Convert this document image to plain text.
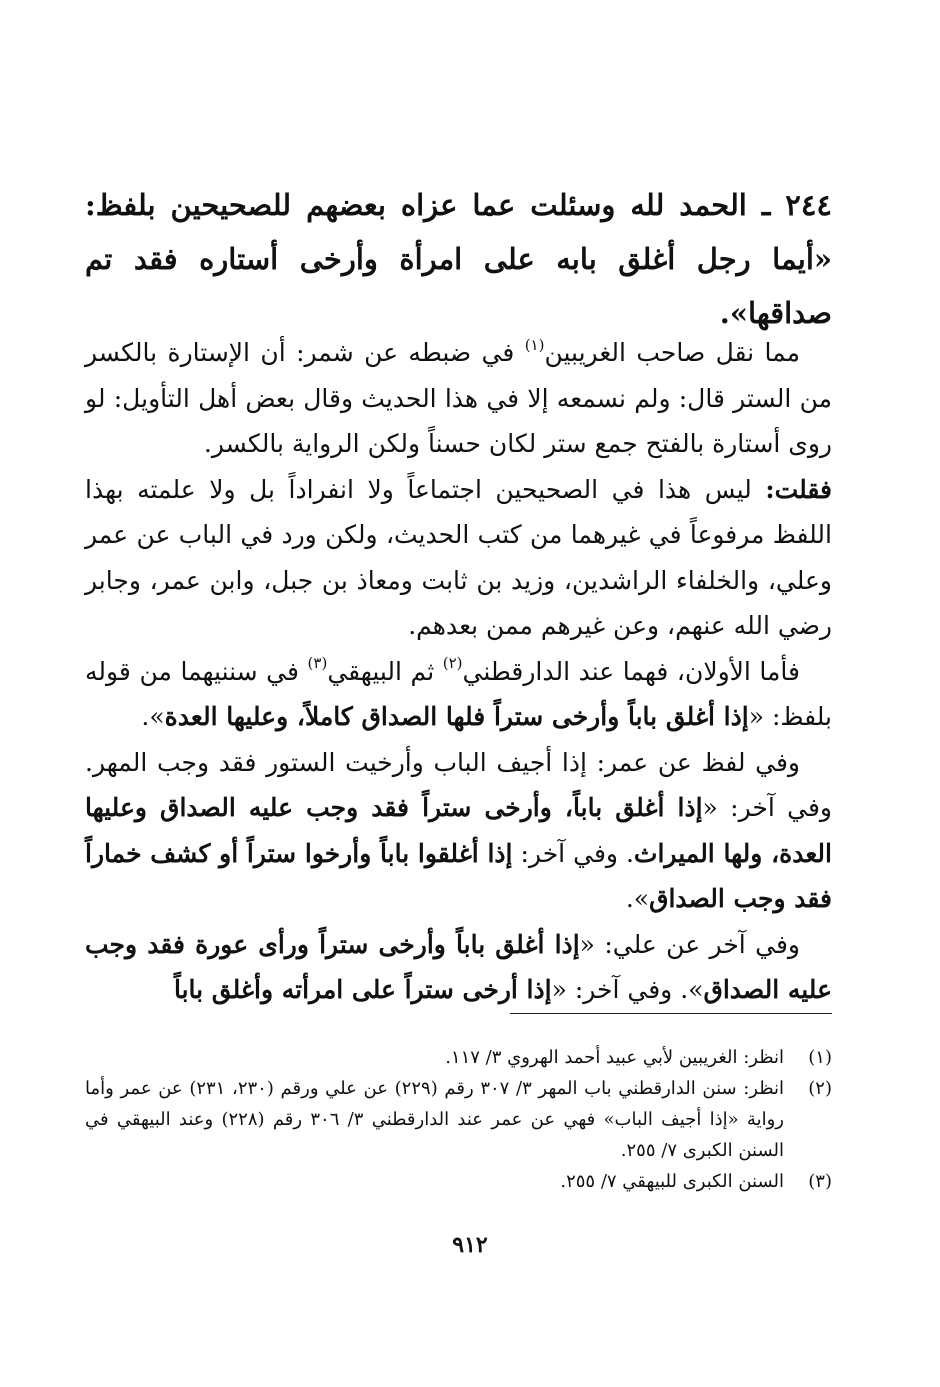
٢٤٤ ـ الحمد لله وسئلت عما عزاه بعضهم للصحيحين بلفظ: «أيما رجل أغلق بابه على امرأة وأرخى أستاره فقد تم صداقها».

مما نقل صاحب الغريبين$^{(١)}$ في ضبطه عن شمر: أن الإستارة بالكسر من الستر قال: ولم نسمعه إلا في هذا الحديث وقال بعض أهل التأويل: لو روى أستارة بالفتح جمع ستر لكان حسناً ولكن الرواية بالكسر.

فقلت: ليس هذا في الصحيحين اجتماعاً ولا انفراداً بل ولا علمته بهذا اللفظ مرفوعاً في غيرهما من كتب الحديث، ولكن ورد في الباب عن عمر وعلي، والخلفاء الراشدين، وزيد بن ثابت ومعاذ بن جبل، وابن عمر، وجابر رضي الله عنهم، وعن غيرهم ممن بعدهم.

فأما الأولان، فهما عند الدارقطني$^{(٢)}$ ثم البيهقي$^{(٣)}$ في سننيهما من قوله بلفظ: «إذا أغلق باباً وأرخى ستراً فلها الصداق كاملاً، وعليها العدة».

وفي لفظ عن عمر: إذا أجيف الباب وأرخيت الستور فقد وجب المهر. وفي آخر: «إذا أغلق باباً، وأرخى ستراً فقد وجب عليه الصداق وعليها العدة، ولها الميراث. وفي آخر: إذا أغلقوا باباً وأرخوا ستراً أو كشف خماراً فقد وجب الصداق».

وفي آخر عن علي: «إذا أغلق باباً وأرخى ستراً ورأى عورة فقد وجب عليه الصداق». وفي آخر: «إذا أرخى ستراً على امرأته وأغلق باباً

(١)
انظر: الغريبين لأبي عبيد أحمد الهروي ٣/ ١١٧.
(٢)
انظر: سنن الدارقطني باب المهر ٣/ ٣٠٧ رقم (٢٢٩) عن علي ورقم (٢٣٠، ٢٣١) عن عمر وأما رواية «إذا أجيف الباب» فهي عن عمر عند الدارقطني ٣/ ٣٠٦ رقم (٢٢٨) وعند البيهقي في السنن الكبرى ٧/ ٢٥٥.
(٣)
السنن الكبرى للبيهقي ٧/ ٢٥٥.
٩١٢
